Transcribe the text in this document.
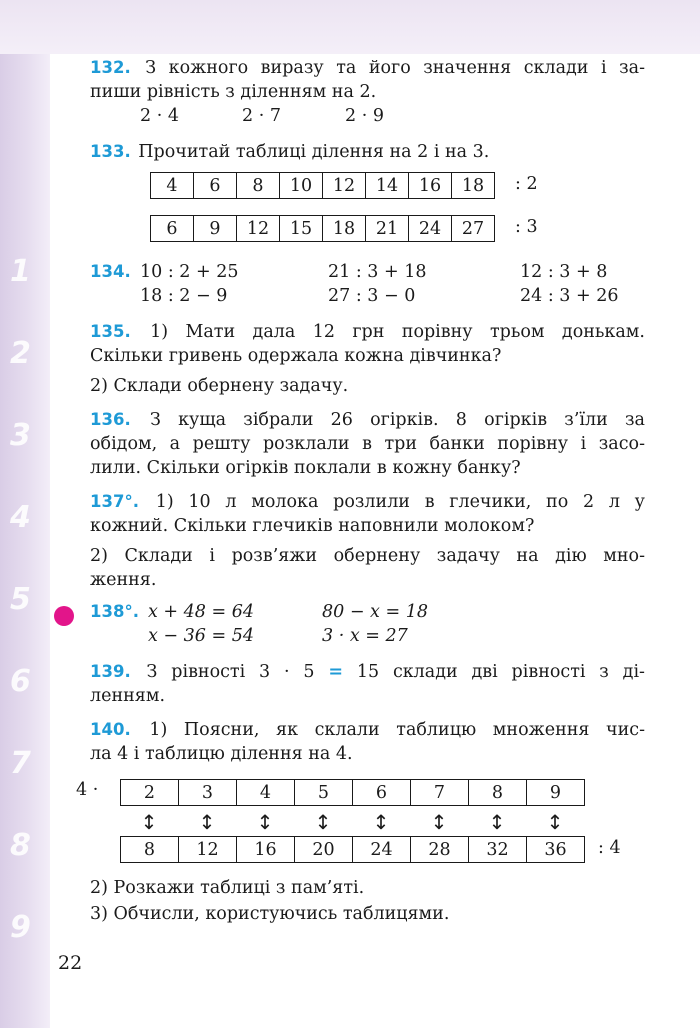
1
2
3
4
5
6
7
8
9

132. З кожного виразу та його значення склади і за-

пиши рівність з діленням на 2.

2 · 4	2 · 7	2 · 9

133. Прочитай таблиці ділення на 2 і на 3.

4	6	8	10	12	14	16	18 : 2
6	9	12	15	18	21	24	27 : 3
134. 10 : 2 + 25	21 : 3 + 18	12 : 3 + 8
18 : 2 − 9	27 : 3 − 0	24 : 3 + 26

135. 1) Мати дала 12 грн порівну трьом донькам.

Скільки гривень одержала кожна дівчинка?

2) Склади обернену задачу.

136. З куща зібрали 26 огірків. 8 огірків з’їли за

обідом, а решту розклали в три банки порівну і засо-

лили. Скільки огірків поклали в кожну банку?

137°. 1) 10 л молока розлили в глечики, по 2 л у

кожний. Скільки глечиків наповнили молоком?

2) Склади і розв’яжи обернену задачу на дію мно-

ження.

138°. x + 48 = 64	80 − x = 18
x − 36 = 54	3 · x = 27

139. З рівності 3 · 5 = 15 склади дві рівності з ді-

ленням.

140. 1) Поясни, як склали таблицю множення чис-

ла 4 і таблицю ділення на 4.

4 ·	2	3	4	5	6	7	8	9
↕	↕	↕	↕	↕	↕	↕	↕
8	12	16	20	24	28	32	36 : 4

2) Розкажи таблиці з пам’яті.

3) Обчисли, користуючись таблицями.

22
